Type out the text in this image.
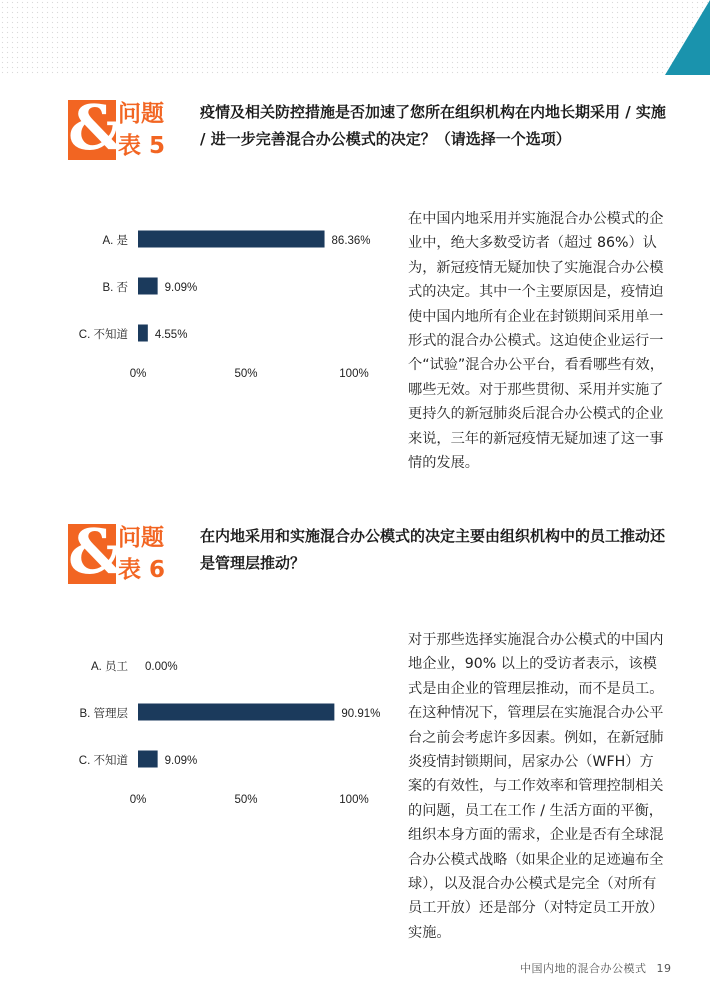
&
问题
表 5
疫情及相关防控措施是否加速了您所在组织机构在内地长期采用 / 实施 / 进一步完善混合办公模式的决定？（请选择一个选项）
A. 是	86.36%
B. 否	9.09%
C. 不知道 4.55%
0%	50%	100%
在中国内地采用并实施混合办公模式的企业中，绝大多数受访者（超过 86%）认为，新冠疫情无疑加快了实施混合办公模式的决定。其中一个主要原因是，疫情迫使中国内地所有企业在封锁期间采用单一形式的混合办公模式。这迫使企业运行一个“试验”混合办公平台，看看哪些有效，哪些无效。对于那些贯彻、采用并实施了更持久的新冠肺炎后混合办公模式的企业来说，三年的新冠疫情无疑加速了这一事情的发展。
&
问题
表 6
在内地采用和实施混合办公模式的决定主要由组织机构中的员工推动还是管理层推动？
A. 员工 0.00%
B. 管理层	90.91%
C. 不知道	9.09%
0%	50%	100%
对于那些选择实施混合办公模式的中国内地企业，90% 以上的受访者表示，该模式是由企业的管理层推动，而不是员工。在这种情况下，管理层在实施混合办公平台之前会考虑许多因素。例如，在新冠肺炎疫情封锁期间，居家办公（WFH）方案的有效性，与工作效率和管理控制相关的问题，员工在工作 / 生活方面的平衡，组织本身方面的需求，企业是否有全球混合办公模式战略（如果企业的足迹遍布全球），以及混合办公模式是完全（对所有员工开放）还是部分（对特定员工开放）实施。
中国内地的混合办公模式 19
